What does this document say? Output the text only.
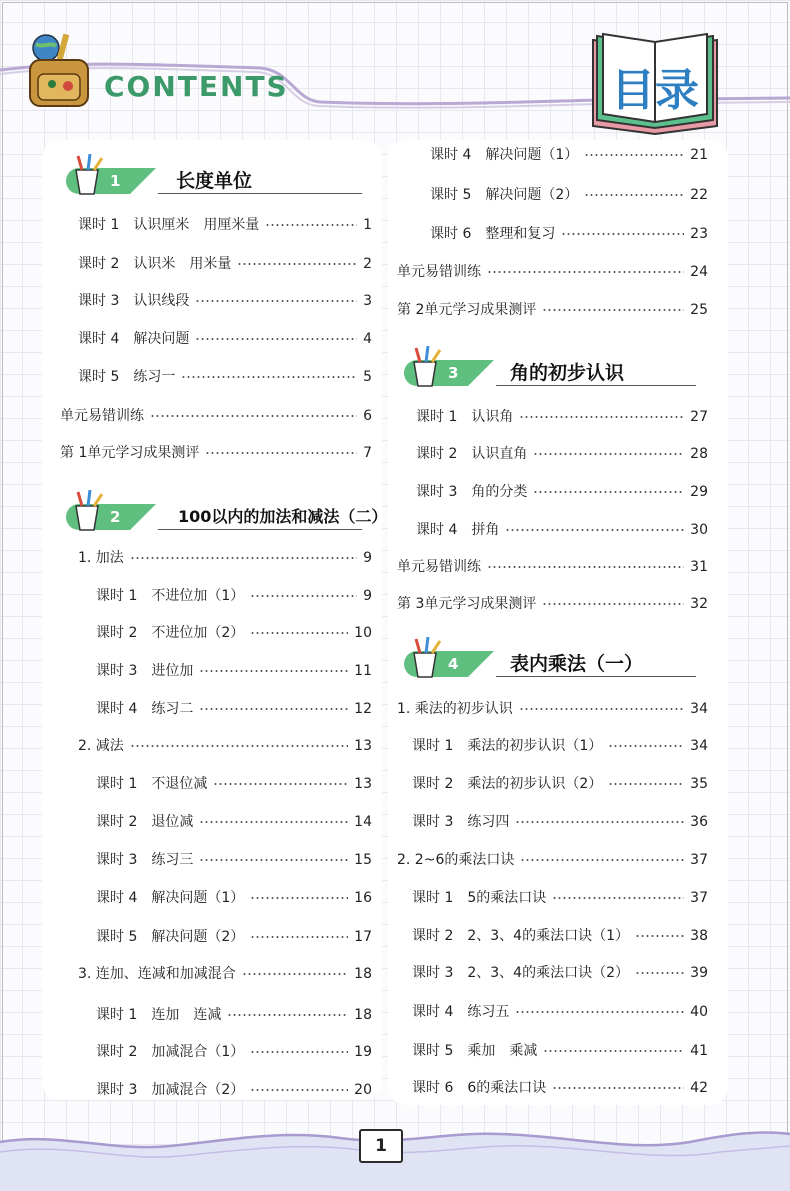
CONTENTS	目录
1	长度单位
2	100以内的加法和减法（二）
3	角的初步认识
4	表内乘法（一）
课时 1 认识厘米　用厘米量	1
课时 2 认识米　用米量	2
课时 3 认识线段	3
课时 4 解决问题	4
课时 5 练习一	5
单元易错训练	6
第 1单元学习成果测评	7
1. 加法	9
课时 1 不进位加（1）	9
课时 2 不进位加（2）	10
课时 3 进位加	11
课时 4 练习二	12
2. 减法	13
课时 1 不退位减	13
课时 2 退位减	14
课时 3 练习三	15
课时 4 解决问题（1）	16
课时 5 解决问题（2）	17
3. 连加、连减和加减混合	18
课时 1 连加　连减	18
课时 2 加减混合（1）	19
课时 3 加减混合（2）	20
课时 4 解决问题（1）	21
课时 5 解决问题（2）	22
课时 6 整理和复习	23
单元易错训练	24
第 2单元学习成果测评	25
课时 1 认识角	27
课时 2 认识直角	28
课时 3 角的分类	29
课时 4 拼角	30
单元易错训练	31
第 3单元学习成果测评	32
1. 乘法的初步认识	34
课时 1 乘法的初步认识（1）	34
课时 2 乘法的初步认识（2）	35
课时 3 练习四	36
2. 2~6的乘法口诀	37
课时 1 5的乘法口诀	37
课时 2 2、3、4的乘法口诀（1）	38
课时 3 2、3、4的乘法口诀（2）	39
课时 4 练习五	40
课时 5 乘加　乘减	41
课时 6 6的乘法口诀	42
1
